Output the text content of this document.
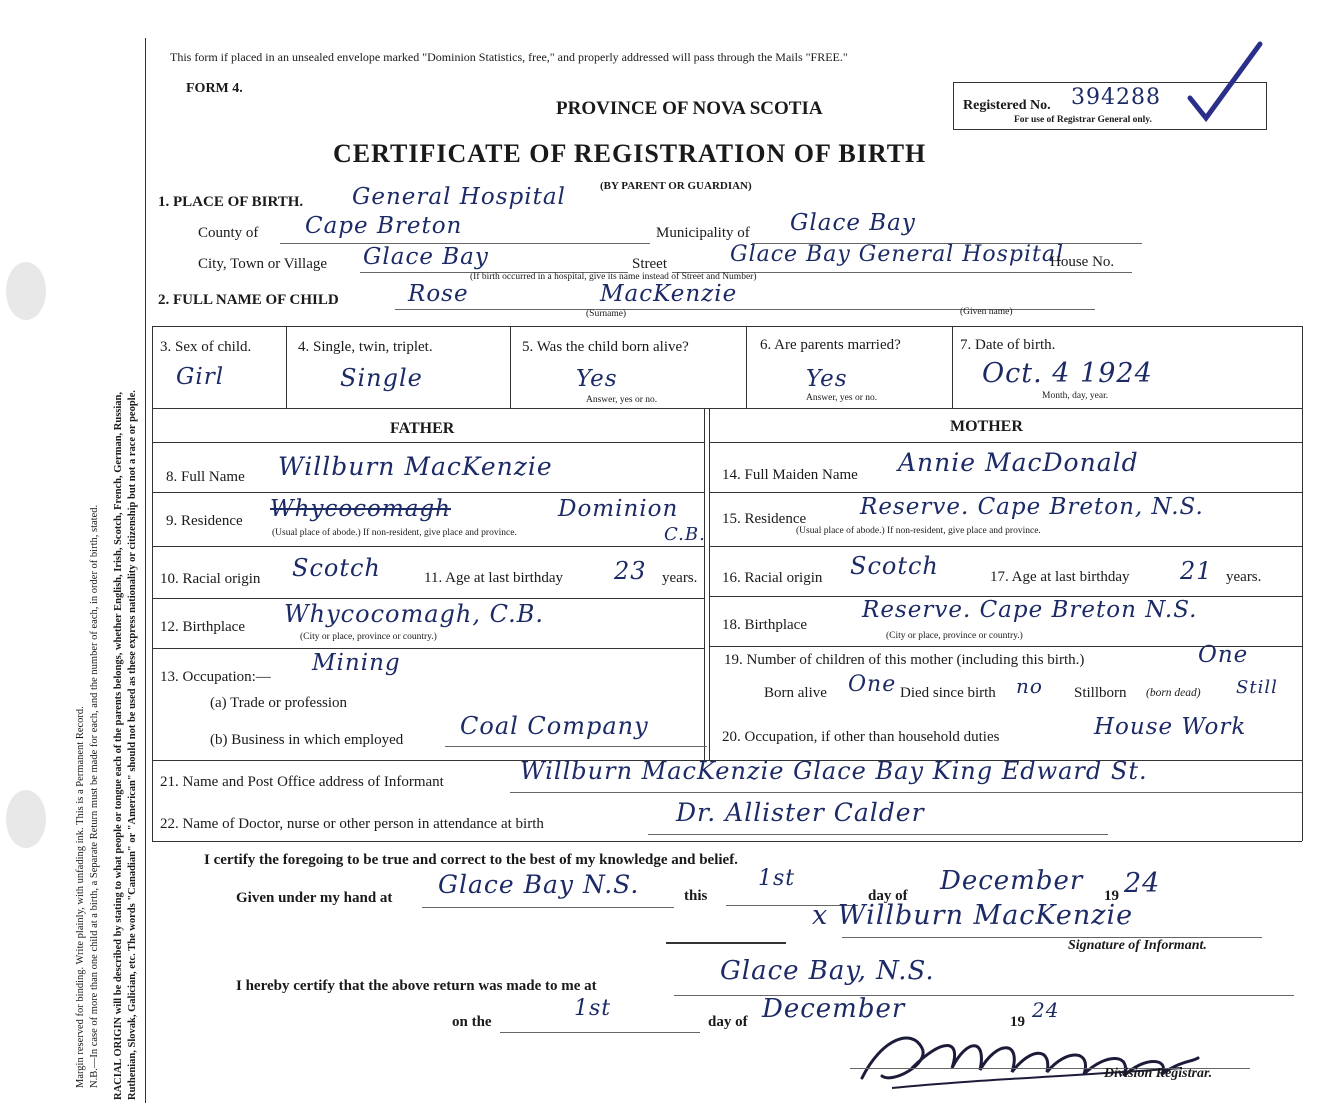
Margin reserved for binding. Write plainly, with unfading ink. This is a Permanent Record. N.B.—In case of more than one child at a birth, a Separate Return must be made for each, and the number of each, in order of birth, stated. RACIAL ORIGIN will be described by stating to what people or tongue each of the parents belongs, whether English, Irish, Scotch, French, German, Russian, Ruthenian, Slovak, Galician, etc. The words "Canadian" or "American" should not be used as these express nationality or citizenship but not a race or people.
This form if placed in an unsealed envelope marked "Dominion Statistics, free," and properly addressed will pass through the Mails "FREE."
FORM 4.
PROVINCE OF NOVA SCOTIA
CERTIFICATE OF REGISTRATION OF BIRTH
(BY PARENT OR GUARDIAN)
Registered No. 394288
For use of Registrar General only.
1. PLACE OF BIRTH. General Hospital
County of Cape Breton	Municipality of Glace Bay
City, Town or Village Glace Bay	Street	Glace Bay General Hospital
House No.
(If birth occurred in a hospital, give its name instead of Street and Number)
2. FULL NAME OF CHILD	Rose	MacKenzie
(Surname)	(Given name)
3. Sex of child.
Girl
4. Single, twin, triplet.
Single
5. Was the child born alive?
Yes
Answer, yes or no.
6. Are parents married?
Yes
Answer, yes or no.
7. Date of birth.
Oct. 4 1924
Month, day, year.
FATHER	MOTHER
8. Full Name Willburn MacKenzie
9. Residence Whycocomagh	Dominion
C.B.
(Usual place of abode.) If non-resident, give place and province.
10. Racial origin Scotch	11. Age at last birthday 23 years.
12. Birthplace Whycocomagh, C.B.
(City or place, province or country.)
13. Occupation:—
Mining
(a) Trade or profession
(b) Business in which employed Coal Company
14. Full Maiden Name Annie MacDonald
15. Residence Reserve. Cape Breton, N.S.
(Usual place of abode.) If non-resident, give place and province.
16. Racial origin Scotch	17. Age at last birthday 21 years.
18. Birthplace
Reserve. Cape Breton N.S.
(City or place, province or country.)
19. Number of children of this mother (including this birth.)	One
Born alive One Died since birth no Stillborn (born dead) Still
20. Occupation, if other than household duties	House Work
21. Name and Post Office address of Informant	Willburn MacKenzie Glace Bay King Edward St.
22. Name of Doctor, nurse or other person in attendance at birth	Dr. Allister Calder
I certify the foregoing to be true and correct to the best of my knowledge and belief.
Given under my hand at Glace Bay N.S.	this
1st
day of December 19 24
x Willburn MacKenzie
Signature of Informant.
I hereby certify that the above return was made to me at	Glace Bay, N.S.
on the
1st
day of December	19 24
Division Registrar.
